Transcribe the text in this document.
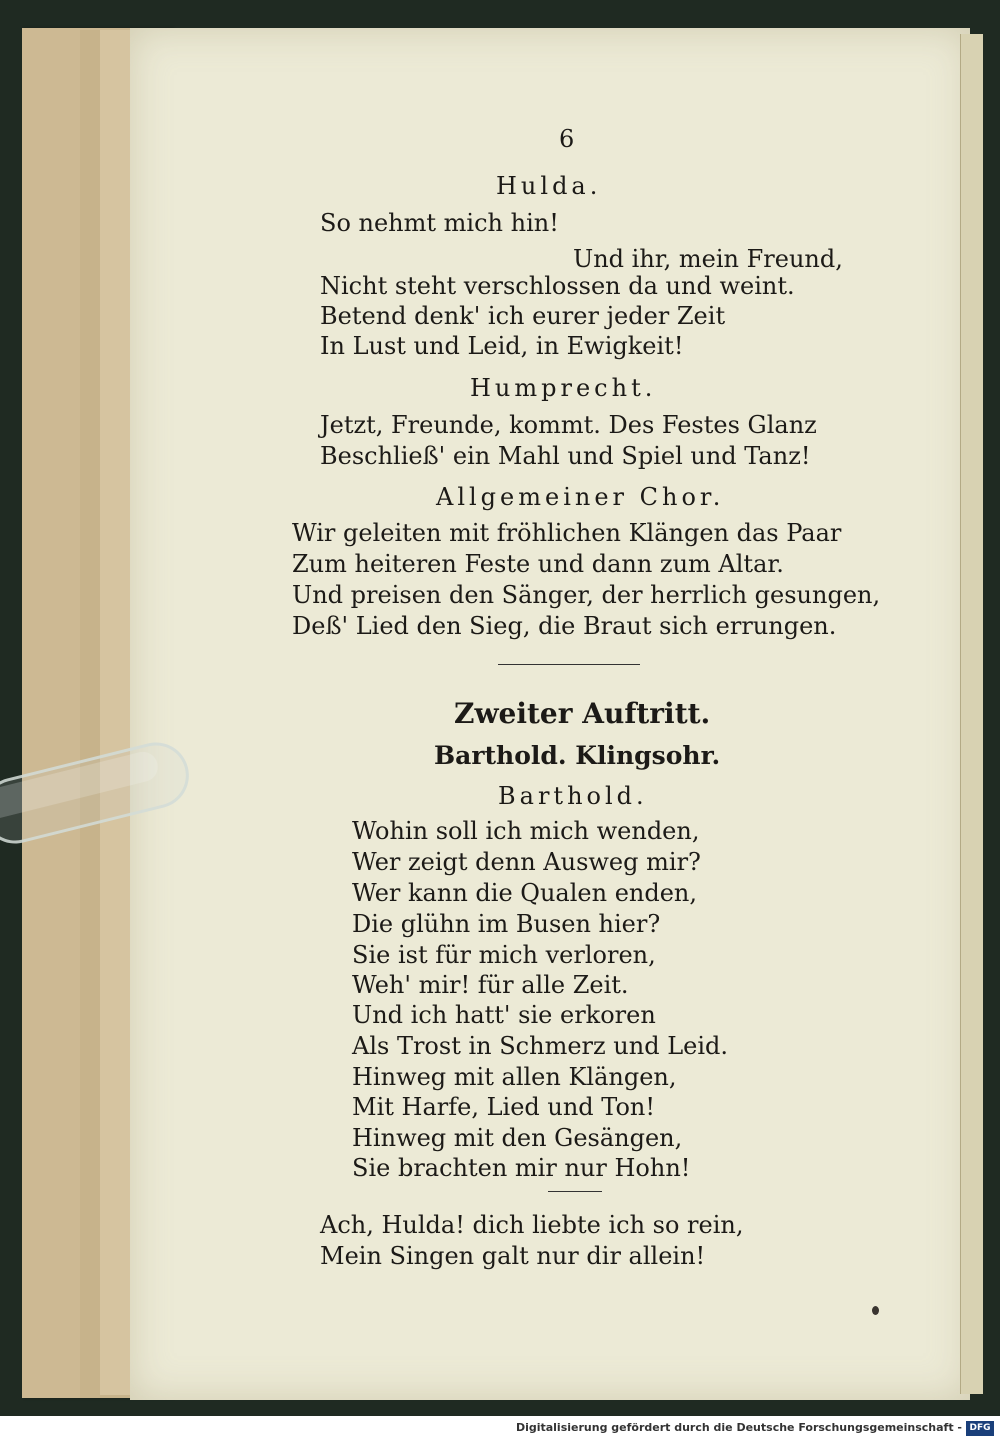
6
Hulda.
So nehmt mich hin!
Und ihr, mein Freund,
Nicht steht verschlossen da und weint.
Betend denk' ich eurer jeder Zeit
In Lust und Leid, in Ewigkeit!
Humprecht.
Jetzt, Freunde, kommt. Des Festes Glanz
Beschließ' ein Mahl und Spiel und Tanz!
Allgemeiner Chor.
Wir geleiten mit fröhlichen Klängen das Paar
Zum heiteren Feste und dann zum Altar.
Und preisen den Sänger, der herrlich gesungen,
Deß' Lied den Sieg, die Braut sich errungen.
Zweiter Auftritt.
Barthold. Klingsohr.
Barthold.
Wohin soll ich mich wenden,
Wer zeigt denn Ausweg mir?
Wer kann die Qualen enden,
Die glühn im Busen hier?
Sie ist für mich verloren,
Weh' mir! für alle Zeit.
Und ich hatt' sie erkoren
Als Trost in Schmerz und Leid.
Hinweg mit allen Klängen,
Mit Harfe, Lied und Ton!
Hinweg mit den Gesängen,
Sie brachten mir nur Hohn!
Ach, Hulda! dich liebte ich so rein,
Mein Singen galt nur dir allein!
Digitalisierung gefördert durch die Deutsche Forschungsgemeinschaft - DFG
